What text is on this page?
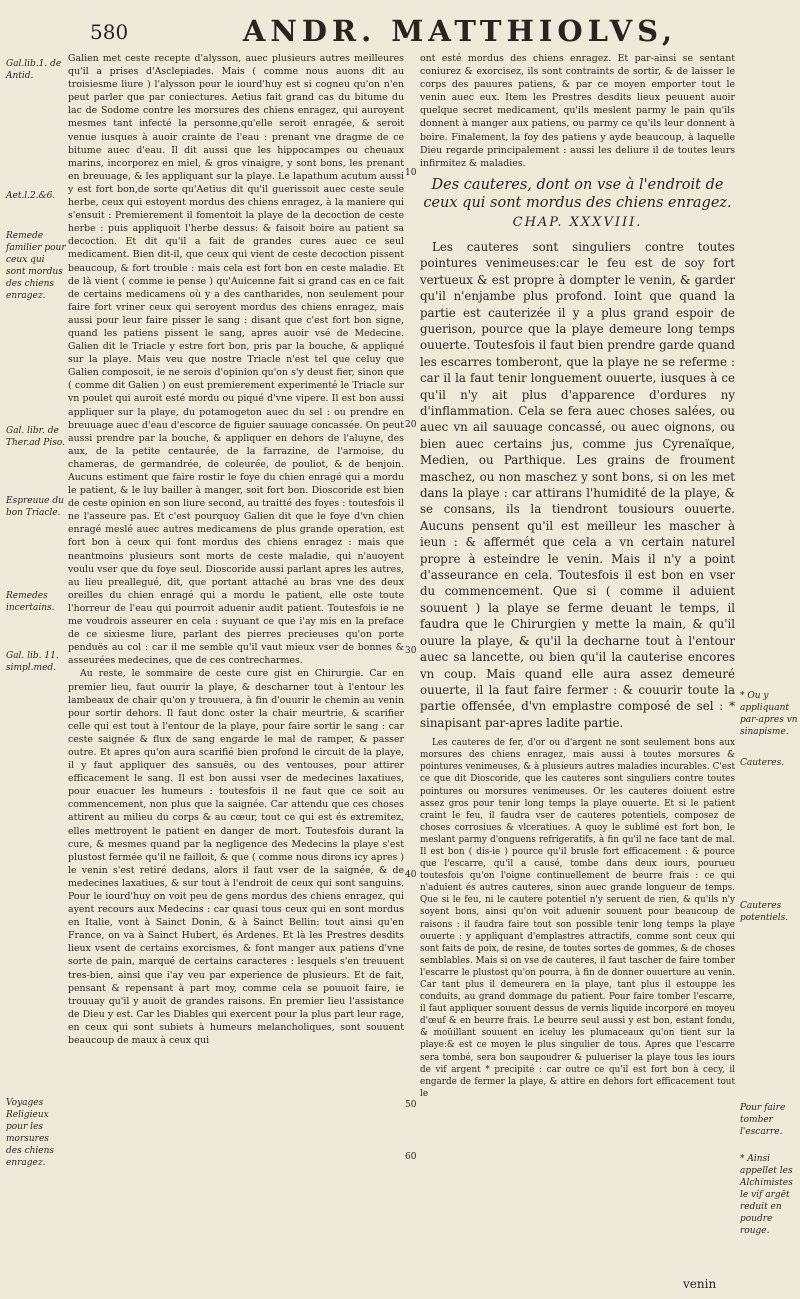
580	ANDR. MATTHIOLVS,
Gal.lib.1. de Antid.
Aet.l.2.&6.
Remede familier pour ceux qui sont mordus des chiens enragez.
Gal. libr. de Ther.ad Piso.
Espreuue du bon Triacle.
Remedes incertains.
Gal. lib. 11. simpl.med.
Voyages Religieux pour les morsures des chiens enragez.
* Ou y appliquant par-apres vn sinapisme.
Cauteres.
Cauteres potentiels.
Pour faire tomber l'escarre.
* Ainsi appellet les Alchimistes le vif argēt reduit en poudre rouge.
10
20
30
40
50
60

Galien met ceste recepte d'alysson, auec plusieurs autres meilleures qu'il a prises d'Asclepiades. Mais ( comme nous auons dit au troisiesme liure ) l'alysson pour le iourd'huy est si cogneu qu'on n'en peut parler que par coniectures. Aetius fait grand cas du bitume du lac de Sodome contre les morsures des chiens enragez, qui auroyent mesmes tant infecté la personne,qu'elle seroit enragée, & seroit venue iusques à auoir crainte de l'eau : prenant vne dragme de ce bitume auec d'eau. Il dit aussi que les hippocampes ou cheuaux marins, incorporez en miel, & gros vinaigre, y sont bons, les prenant en breuuage, & les appliquant sur la playe. Le lapathum acutum aussi y est fort bon,de sorte qu'Aetius dit qu'il guerissoit auec ceste seule herbe, ceux qui estoyent mordus des chiens enragez, à la maniere qui s'ensuit : Premierement il fomentoit la playe de la decoction de ceste herbe : puis appliquoit l'herbe dessus: & faisoit boire au patient sa decoction. Et dit qu'il a fait de grandes cures auec ce seul medicament. Bien dit-il, que ceux qui vient de ceste decoction pissent beaucoup, & fort trouble : mais cela est fort bon en ceste maladie. Et de là vient ( comme ie pense ) qu'Auicenne fait si grand cas en ce fait de certains medicamens où y a des cantharides, non seulement pour faire fort vriner ceux qui seroyent mordus des chiens enragez, mais aussi pour leur faire pisser le sang : disant que c'est fort bon signe, quand les patiens pissent le sang, apres auoir vsé de Medecine. Galien dit le Triacle y estre fort bon, pris par la bouche, & appliqué sur la playe. Mais veu que nostre Triacle n'est tel que celuy que Galien composoit, ie ne serois d'opinion qu'on s'y deust fier, sinon que ( comme dit Galien ) on eust premierement experimenté le Triacle sur vn poulet qui auroit esté mordu ou piqué d'vne vipere. Il est bon aussi appliquer sur la playe, du potamogeton auec du sel : ou prendre en breuuage auec d'eau d'escorce de figuier sauuage concassée. On peut aussi prendre par la bouche, & appliquer en dehors de l'aluyne, des aux, de la petite centaurée, de la farrazine, de l'armoise, du chameras, de germandrée, de coleurée, de pouliot, & de benjoin. Aucuns estiment que faire rostir le foye du chien enragé qui a mordu le patient, & le luy bailler à manger, soit fort bon. Dioscoride est bien de ceste opinion en son liure second, au traitté des foyes : toutesfois il ne l'asseure pas. Et c'est pourquoy Galien dit que le foye d'vn chien enragé meslé auec autres medicamens de plus grande operation, est fort bon à ceux qui font mordus des chiens enragez : mais que neantmoins plusieurs sont morts de ceste maladie, qui n'auoyent voulu vser que du foye seul. Dioscoride aussi parlant apres les autres, au lieu preallegué, dit, que portant attaché au bras vne des deux oreilles du chien enragé qui a mordu le patient, elle oste toute l'horreur de l'eau qui pourroit aduenir audit patient. Toutesfois ie ne me voudrois asseurer en cela : suyuant ce que i'ay mis en la preface de ce sixiesme liure, parlant des pierres precieuses qu'on porte penduës au col : car il me semble qu'il vaut mieux vser de bonnes & asseurées medecines, que de ces contrecharmes.

Au reste, le sommaire de ceste cure gist en Chirurgie. Car en premier lieu, faut ouurir la playe, & descharner tout à l'entour les lambeaux de chair qu'on y trouuera, à fin d'ouurir le chemin au venin pour sortir dehors. Il faut donc oster la chair meurtrie, & scarifier celle qui est tout à l'entour de la playe, pour faire sortir le sang : car ceste saignée & flux de sang engarde le mal de ramper, & passer outre. Et apres qu'on aura scarifié bien profond le circuit de la playe, il y faut appliquer des sansuës, ou des ventouses, pour attirer efficacement le sang. Il est bon aussi vser de medecines laxatiues, pour euacuer les humeurs : toutesfois il ne faut que ce soit au commencement, non plus que la saignée. Car attendu que ces choses attirent au milieu du corps & au cœur, tout ce qui est és extremitez, elles mettroyent le patient en danger de mort. Toutesfois durant la cure, & mesmes quand par la negligence des Medecins la playe s'est plustost fermée qu'il ne failloit, & que ( comme nous dirons icy apres ) le venin s'est retiré dedans, alors il faut vser de la saignée, & de medecines laxatiues, & sur tout à l'endroit de ceux qui sont sanguins. Pour le iourd'huy on voit peu de gens mordus des chiens enragez, qui ayent recours aux Medecins : car quasi tous ceux qui en sont mordus en Italie, vont à Sainct Donin, & à Sainct Bellin: tout ainsi qu'en France, on va à Sainct Hubert, és Ardenes. Et là les Prestres desdits lieux vsent de certains exorcismes, & font manger aux patiens d'vne sorte de pain, marqué de certains caracteres : lesquels s'en treuuent tres-bien, ainsi que i'ay veu par experience de plusieurs. Et de fait, pensant & repensant à part moy, comme cela se pouuoit faire, ie trouuay qu'il y auoit de grandes raisons. En premier lieu l'assistance de Dieu y est. Car les Diables qui exercent pour la plus part leur rage, en ceux qui sont subiets à humeurs melancholiques, sont souuent beaucoup de maux à ceux qui

ont esté mordus des chiens enragez. Et par-ainsi se sentant coniurez & exorcisez, ils sont contraints de sortir, & de laisser le corps des pauures patiens, & par ce moyen emporter tout le venin auec eux. Item les Prestres desdits lieux peuuent auoir quelque secret medicament, qu'ils meslent parmy le pain qu'ils donnent à manger aux patiens, ou parmy ce qu'ils leur donnent à boire. Finalement, la foy des patiens y ayde beaucoup, à laquelle Dieu regarde principalement : aussi les deliure il de toutes leurs infirmitez & maladies.

Des cauteres, dont on vse à l'endroit de ceux qui sont mordus des chiens enragez.
CHAP. XXXVIII.

Les cauteres sont singuliers contre toutes pointures venimeuses:car le feu est de soy fort vertueux & est propre à dompter le venin, & garder qu'il n'enjambe plus profond. Ioint que quand la partie est cauterizée il y a plus grand espoir de guerison, pource que la playe demeure long temps ouuerte. Toutesfois il faut bien prendre garde quand les escarres tomberont, que la playe ne se referme : car il la faut tenir longuement ouuerte, iusques à ce qu'il n'y ait plus d'apparence d'ordures ny d'inflammation. Cela se fera auec choses salées, ou auec vn ail sauuage concassé, ou auec oignons, ou bien auec certains jus, comme jus Cyrenaïque, Medien, ou Parthique. Les grains de froument maschez, ou non maschez y sont bons, si on les met dans la playe : car attirans l'humidité de la playe, & se consans, ils la tiendront tousiours ouuerte. Aucuns pensent qu'il est meilleur les mascher à ieun : & affermét que cela a vn certain naturel propre à esteindre le venin. Mais il n'y a point d'asseurance en cela. Toutesfois il est bon en vser du commencement. Que si ( comme il aduient souuent ) la playe se ferme deuant le temps, il faudra que le Chirurgien y mette la main, & qu'il ouure la playe, & qu'il la decharne tout à l'entour auec sa lancette, ou bien qu'il la cauterise encores vn coup. Mais quand elle aura assez demeuré ouuerte, il la faut faire fermer : & couurir toute la partie offensée, d'vn emplastre composé de sel : * sinapisant par-apres ladite partie.

Les cauteres de fer, d'or ou d'argent ne sont seulement bons aux morsures des chiens enragez, mais aussi à toutes morsures & pointures venimeuses, & à plusieurs autres maladies incurables. C'est ce que dit Dioscoride, que les cauteres sont singuliers contre toutes pointures ou morsures venimeuses. Or les cauteres doiuent estre assez gros pour tenir long temps la playe ouuerte. Et si le patient craint le feu, il faudra vser de cauteres potentiels, composez de choses corrosiues & vlceratiues. A quoy le sublimé est fort bon, le meslant parmy d'onguens refrigeratifs, à fin qu'il ne face tant de mal. Il est bon ( dis-ie ) pource qu'il brusle fort efficacement : & pource que l'escarre, qu'il a causé, tombe dans deux iours, pourueu toutesfois qu'on l'oigne continuellement de beurre frais : ce qui n'aduient és autres cauteres, sinon auec grande longueur de temps. Que si le feu, ni le cautere potentiel n'y seruent de rien, & qu'ils n'y soyent bons, ainsi qu'on voit aduenir souuent pour beaucoup de raisons : il faudra faire tout son possible tenir long temps la playe ouuerte : y appliquant d'emplastres attractifs, comme sont ceux qui sont faits de poix, de resine, de toutes sortes de gommes, & de choses semblables. Mais si on vse de cauteres, il faut tascher de faire tomber l'escarre le plustost qu'on pourra, à fin de donner ouuerture au venin. Car tant plus il demeurera en la playe, tant plus il estouppe les conduits, au grand dommage du patient. Pour faire tomber l'escarre, il faut appliquer souuent dessus de vernis liquide incorporé en moyeu d'œuf & en beurre frais. Le beurre seul aussi y est bon, estant fondu, & moüillant souuent en iceluy les plumaceaux qu'on tient sur la playe:& est ce moyen le plus singulier de tous. Apres que l'escarre sera tombé, sera bon saupoudrer & pulueriser la playe tous les iours de vif argent * precipité : car outre ce qu'il est fort bon à cecy, il engarde de fermer la playe, & attire en dehors fort efficacement tout le

venin
